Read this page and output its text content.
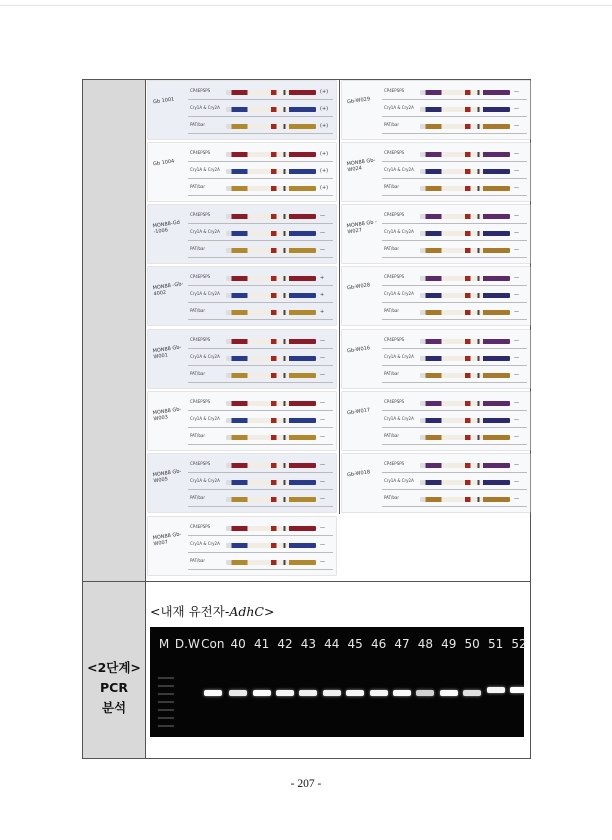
<2단계>
PCR
분석
Gb 1001
CP4EPSPS	(+)
Cry1A & Cry2A	(+)
PAT/bar	(+)
Gb-W029
CP4EPSPS	—
Cry1A & Cry2A	—
PAT/bar	—
Gb 1004
CP4EPSPS	(+)
Cry1A & Cry2A	(+)
PAT/bar	(+)
MON88 Gb-W024
CP4EPSPS	—
Cry1A & Cry2A	—
PAT/bar	—
MON88-Gd -1006
CP4EPSPS	—
Cry1A & Cry2A	—
PAT/bar	—
MON88 Gb -W027
CP4EPSPS	—
Cry1A & Cry2A	—
PAT/bar	—
MON88 -Gb- 4002
CP4EPSPS	+
Cry1A & Cry2A	+
PAT/bar	+
Gb-W028
CP4EPSPS	—
Cry1A & Cry2A	—
PAT/bar	—
MON88 Gb-W001
CP4EPSPS	—
Cry1A & Cry2A	—
PAT/bar	—
Gb-W016
CP4EPSPS	—
Cry1A & Cry2A	—
PAT/bar	—
MON88 Gb-W003
CP4EPSPS	—
Cry1A & Cry2A	—
PAT/bar	—
Gb-W017
CP4EPSPS	—
Cry1A & Cry2A	—
PAT/bar	—
MON88 Gb-W005
CP4EPSPS	—
Cry1A & Cry2A	—
PAT/bar	—
Gb-W018
CP4EPSPS	—
Cry1A & Cry2A	—
PAT/bar	—
MON88 Gb-W007
CP4EPSPS	—
Cry1A & Cry2A	—
PAT/bar	—
<내재 유전자-AdhC>
M D.W Con 40 41 42 43 44 45 46 47 48 49 50 51 52
- 207 -
